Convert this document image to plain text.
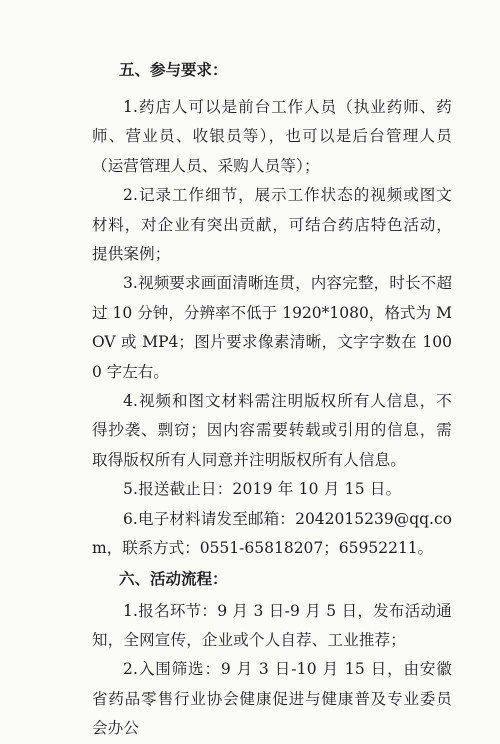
五、参与要求：

1.药店人可以是前台工作人员（执业药师、药师、营业员、收银员等），也可以是后台管理人员（运营管理人员、采购人员等）；

2.记录工作细节，展示工作状态的视频或图文材料，对企业有突出贡献，可结合药店特色活动，提供案例；

3.视频要求画面清晰连贯，内容完整，时长不超过 10 分钟，分辨率不低于 1920*1080，格式为 MOV 或 MP4；图片要求像素清晰，文字字数在 1000 字左右。

4.视频和图文材料需注明版权所有人信息，不得抄袭、剽窃；因内容需要转载或引用的信息，需取得版权所有人同意并注明版权所有人信息。

5.报送截止日：2019 年 10 月 15 日。

6.电子材料请发至邮箱：2042015239@qq.com，联系方式：0551-65818207；65952211。

六、活动流程：

1.报名环节：9 月 3 日-9 月 5 日，发布活动通知，全网宣传，企业或个人自荐、工业推荐；

2.入围筛选：9 月 3 日-10 月 15 日，由安徽省药品零售行业协会健康促进与健康普及专业委员会办公
